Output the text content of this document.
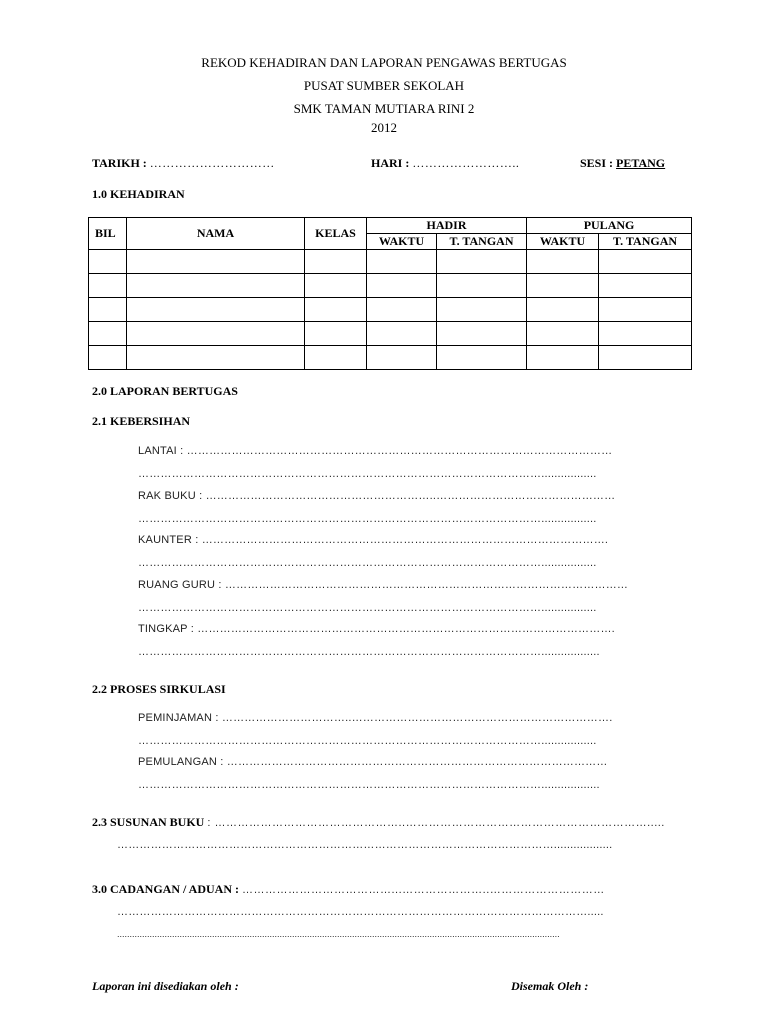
REKOD KEHADIRAN DAN LAPORAN PENGAWAS BERTUGAS
PUSAT SUMBER SEKOLAH
SMK TAMAN MUTIARA RINI 2
2012
TARIKH : …………………………	HARI : ……………………..	SESI : PETANG
1.0 KEHADIRAN
BIL	NAMA	KELAS	HADIR		PULANG	
			WAKTU	T. TANGAN	WAKTU	T. TANGAN

2.0 LAPORAN BERTUGAS
2.1 KEBERSIHAN
LANTAI : ……………………………………………………………………………………………………
……………………………………………………………………………………………….................
RAK BUKU : ……………………………………………………..…………………………………………
……………………………………………………………………………………………….................
KAUNTER : ……………………………………………………………………………………………….
……………………………………………………………………………………………….................
RUANG GURU : ………………………………………………………………………………………………
……………………………………………………………………………………………….................
TINGKAP : ………………………………………………………………………………………………….
………………………………………………………………………………………………..................
2.2 PROSES SIRKULASI
PEMINJAMAN : ……………………………..…………………………………………………………….
……………………………………………………………………………………………….................
PEMULANGAN : …………………………………………………………………………………………
………………………………………………………………………………………………..................
2.3 SUSUNAN BUKU : …………………………………………..……………………………………………………….....
………………………………………………………………………………………………………..................
3.0 CADANGAN / ADUAN : …………………………………...…………………..…………………………
……………………………………………………………………………………………………………….....
.................................................................................................................................................................................
Laporan ini disediakan oleh :	Disemak Oleh :
